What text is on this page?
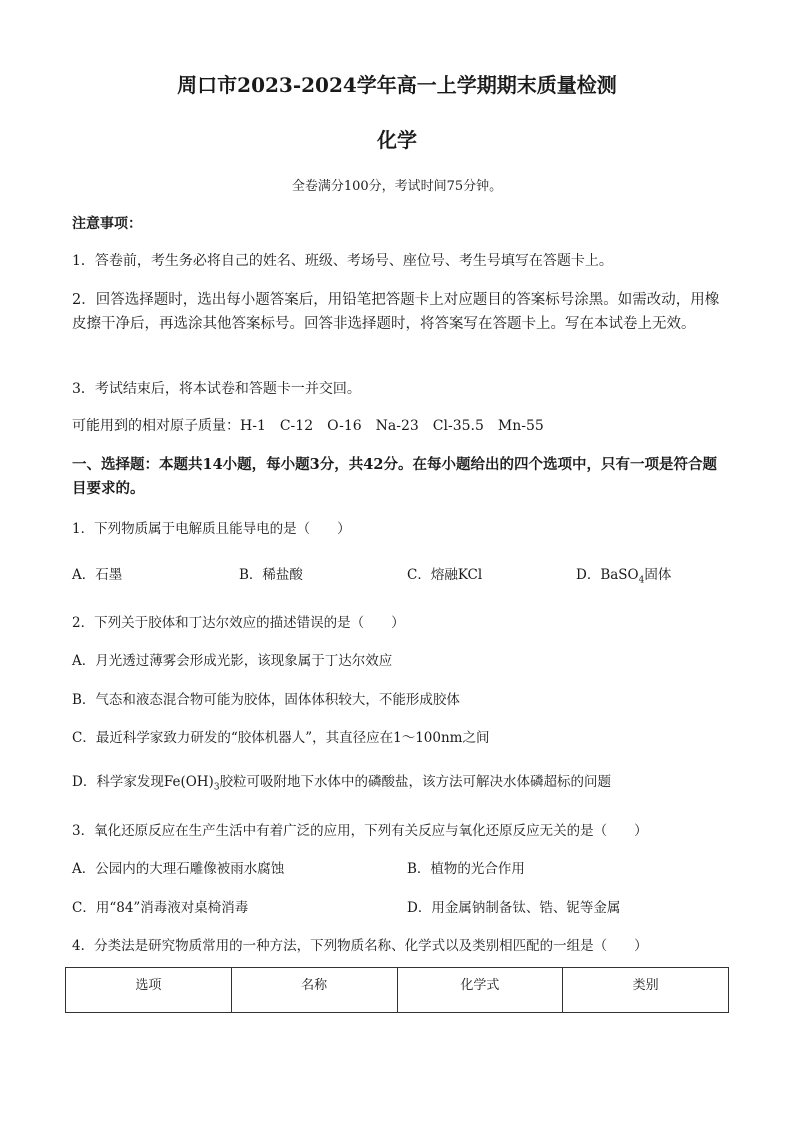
周口市2023-2024学年高一上学期期末质量检测
化学
全卷满分100分，考试时间75分钟。
注意事项：
1．答卷前，考生务必将自己的姓名、班级、考场号、座位号、考生号填写在答题卡上。
2．回答选择题时，选出每小题答案后，用铅笔把答题卡上对应题目的答案标号涂黑。如需改动，用橡皮擦干净后，再选涂其他答案标号。回答非选择题时，将答案写在答题卡上。写在本试卷上无效。
3．考试结束后，将本试卷和答题卡一并交回。
可能用到的相对原子质量：H-1　C-12　O-16　Na-23　Cl-35.5　Mn-55
一、选择题：本题共14小题，每小题3分，共42分。在每小题给出的四个选项中，只有一项是符合题目要求的。
1．下列物质属于电解质且能导电的是（　　）
A．石墨	B．稀盐酸	C．熔融KCl	D．BaSO$_4$固体
2．下列关于胶体和丁达尔效应的描述错误的是（　　）
A．月光透过薄雾会形成光影，该现象属于丁达尔效应
B．气态和液态混合物可能为胶体，固体体积较大，不能形成胶体
C．最近科学家致力研发的“胶体机器人”，其直径应在1～100nm之间
D．科学家发现$Fe(OH)_3$胶粒可吸附地下水体中的磷酸盐，该方法可解决水体磷超标的问题
3．氧化还原反应在生产生活中有着广泛的应用，下列有关反应与氧化还原反应无关的是（　　）
A．公园内的大理石雕像被雨水腐蚀	B．植物的光合作用
C．用“84”消毒液对桌椅消毒	D．用金属钠制备钛、锆、铌等金属
4．分类法是研究物质常用的一种方法，下列物质名称、化学式以及类别相匹配的一组是（　　）
选项	名称	化学式	类别
